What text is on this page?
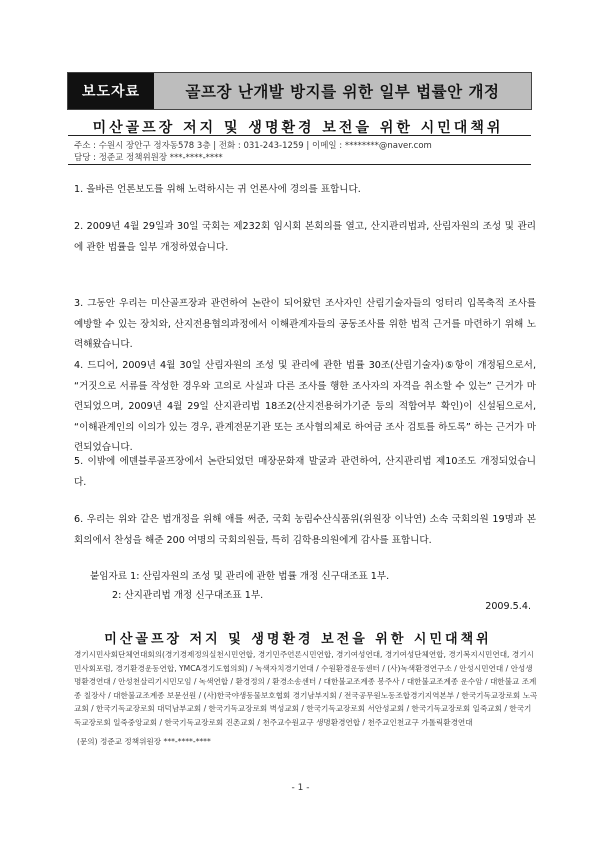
보도자료	골프장 난개발 방지를 위한 일부 법률안 개정
미산골프장 저지 및 생명환경 보전을 위한 시민대책위
주소 : 수원시 장안구 정자동578 3층 | 전화 : 031-243-1259 | 이메일 : ********@naver.com
담당 : 정준교 정책위원장 ***-****-****
1. 올바른 언론보도를 위해 노력하시는 귀 언론사에 경의를 표합니다.
2. 2009년 4월 29일과 30일 국회는 제232회 임시회 본회의를 열고, 산지관리법과, 산림자원의 조성 및 관리에 관한 법률을 일부 개정하였습니다.
3. 그동안 우리는 미산골프장과 관련하여 논란이 되어왔던 조사자인 산림기술자들의 엉터리 입목축적 조사를 예방할 수 있는 장치와, 산지전용협의과정에서 이해관계자들의 공동조사를 위한 법적 근거를 마련하기 위해 노력해왔습니다.
4. 드디어, 2009년 4월 30일 산림자원의 조성 및 관리에 관한 법률 30조(산림기술자)⑤항이 개정됨으로서, “거짓으로 서류를 작성한 경우와 고의로 사실과 다른 조사를 행한 조사자의 자격을 취소할 수 있는” 근거가 마련되었으며, 2009년 4월 29일 산지관리법 18조2(산지전용허가기준 등의 적합여부 확인)이 신설됨으로서, “이해관계인의 이의가 있는 경우, 관계전문기관 또는 조사협의체로 하여금 조사 검토를 하도록” 하는 근거가 마련되었습니다.
5. 이밖에 에덴블루골프장에서 논란되었던 매장문화재 발굴과 관련하여, 산지관리법 제10조도 개정되었습니다.
6. 우리는 위와 같은 법개정을 위해 애를 써준, 국회 농림수산식품위(위원장 이낙연) 소속 국회의원 19명과 본회의에서 찬성을 해준 200 여명의 국회의원들, 특히 김학용의원에게 감사를 표합니다.
붙임자료 1: 산림자원의 조성 및 관리에 관한 법률 개정 신구대조표 1부.
2: 산지관리법 개정 신구대조표 1부.
2009.5.4.
미산골프장 저지 및 생명환경 보전을 위한 시민대책위
경기시민사회단체연대회의(경기경제정의실천시민연합, 경기민주언론시민연합, 경기여성연대, 경기여성단체연합, 경기복지시민연대, 경기시민사회포럼, 경기환경운동연합, YMCA경기도협의회) / 녹색자치경기연대 / 수원환경운동센터 / (사)녹색환경연구소 / 안성시민연대 / 안성생명환경연대 / 안성천살리기시민모임 / 녹색연합 / 환경정의 / 환경소송센터 / 대한불교조계종 봉주사 / 대한불교조계종 운수암 / 대한불교 조계종 칠장사 / 대한불교조계종 보문선원 / (사)한국야생동물보호협회 경기남부지회 / 전국공무원노동조합경기지역본부 / 한국기독교장로회 노곡교회 / 한국기독교장로회 대덕남부교회 / 한국기독교장로회 벽성교회 / 한국기독교장로회 서안성교회 / 한국기독교장로회 일죽교회 / 한국기독교장로회 일죽중앙교회 / 한국기독교장로회 진촌교회 / 천주교수원교구 생명환경연합 / 천주교인천교구 가톨릭환경연대
(문의) 정준교 정책위원장 ***-****-****
- 1 -
